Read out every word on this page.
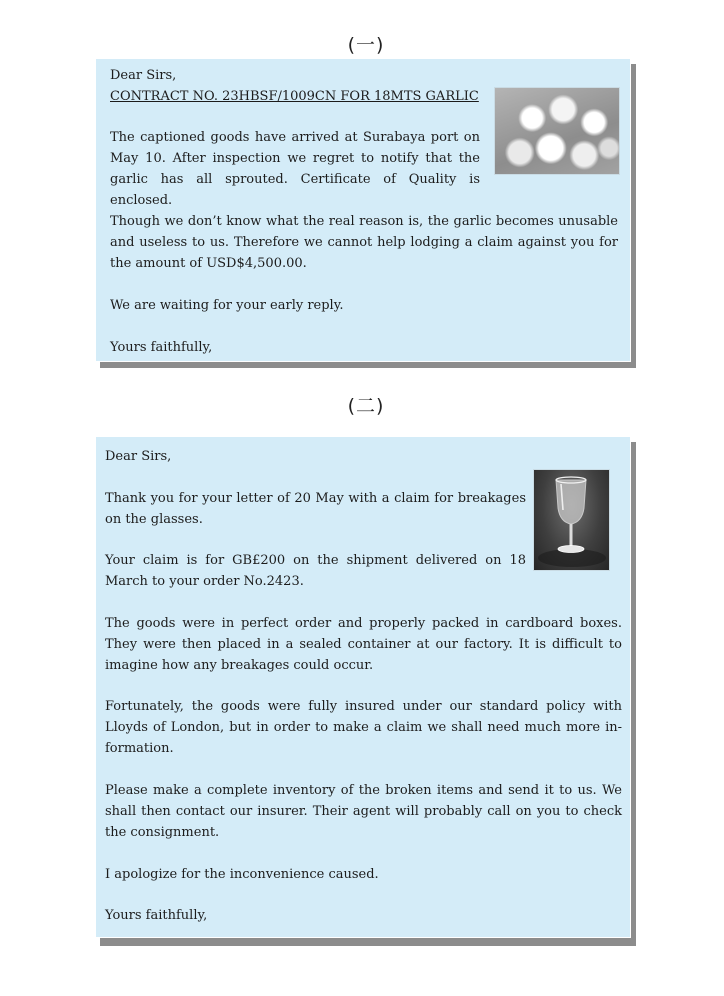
(一)

Dear Sirs,

CONTRACT NO. 23HBSF/1009CN FOR 18MTS GARLIC

The captioned goods have arrived at Surabaya port on May 10. After inspection we regret to notify that the garlic has all sprouted. Certificate of Quality is enclosed.

Though we don’t know what the real reason is, the garlic becomes unusable and useless to us. Therefore we cannot help lodging a claim against you for the amount of USD$4,500.00.

We are waiting for your early reply.

Yours faithfully,

(二)

Dear Sirs,

Thank you for your letter of 20 May with a claim for breakages on the glasses.

Your claim is for GB£200 on the shipment delivered on 18 March to your order No.2423.

The goods were in perfect order and properly packed in cardboard boxes. They were then placed in a sealed container at our factory. It is difficult to imagine how any breakages could occur.

Fortunately, the goods were fully insured under our standard policy with Lloyds of London, but in order to make a claim we shall need much more in-formation.

Please make a complete inventory of the broken items and send it to us. We shall then contact our insurer. Their agent will probably call on you to check the consignment.

I apologize for the inconvenience caused.

Yours faithfully,
